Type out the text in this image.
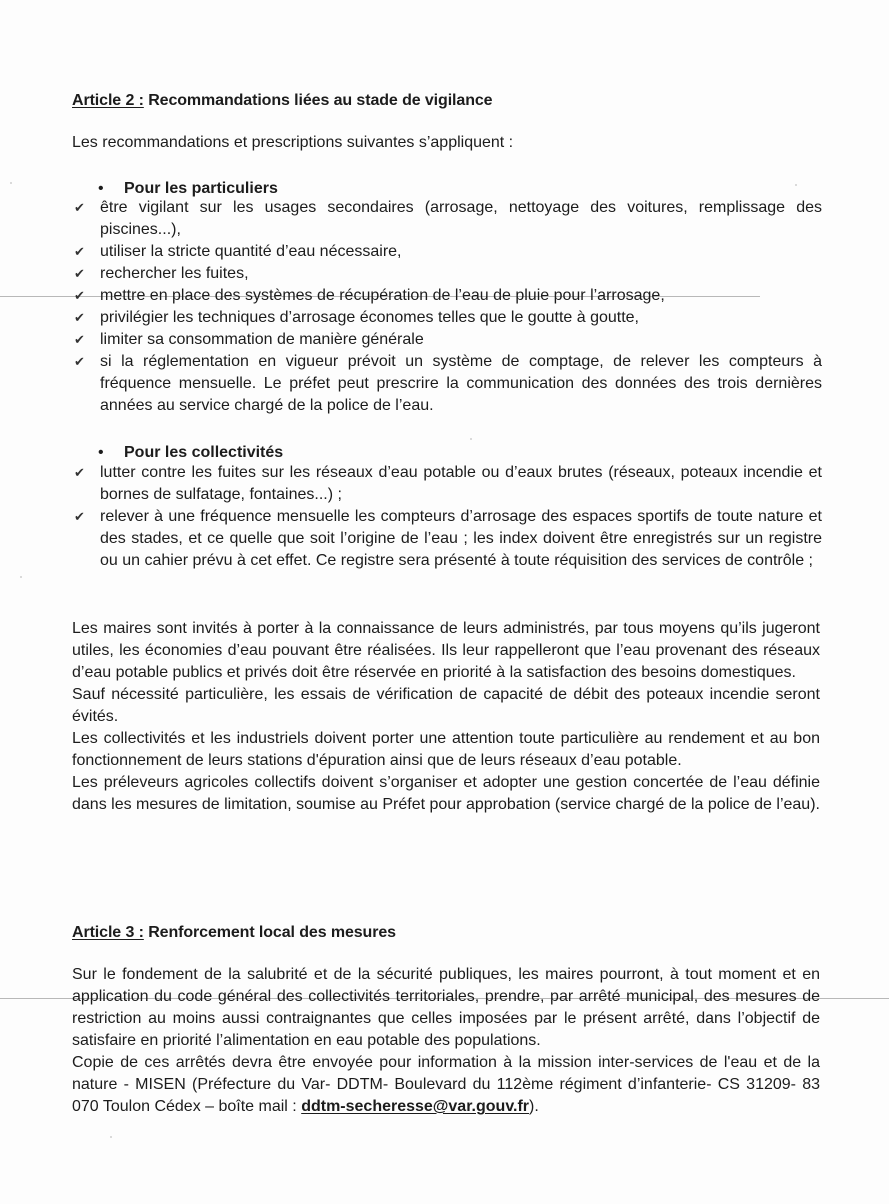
Article 2 : Recommandations liées au stade de vigilance
Les recommandations et prescriptions suivantes s’appliquent :
• Pour les particuliers
✔ être vigilant sur les usages secondaires (arrosage, nettoyage des voitures, remplissage des piscines...),
✔ utiliser la stricte quantité d’eau nécessaire,
✔ rechercher les fuites,
✔ mettre en place des systèmes de récupération de l’eau de pluie pour l’arrosage,
✔ privilégier les techniques d’arrosage économes telles que le goutte à goutte,
✔ limiter sa consommation de manière générale
✔ si la réglementation en vigueur prévoit un système de comptage, de relever les compteurs à fréquence mensuelle. Le préfet peut prescrire la communication des données des trois dernières années au service chargé de la police de l’eau.
• Pour les collectivités
✔ lutter contre les fuites sur les réseaux d’eau potable ou d’eaux brutes (réseaux, poteaux incendie et bornes de sulfatage, fontaines...) ;
✔ relever à une fréquence mensuelle les compteurs d’arrosage des espaces sportifs de toute nature et des stades, et ce quelle que soit l’origine de l’eau ; les index doivent être enregistrés sur un registre ou un cahier prévu à cet effet. Ce registre sera présenté à toute réquisition des services de contrôle ;

Les maires sont invités à porter à la connaissance de leurs administrés, par tous moyens qu’ils jugeront utiles, les économies d’eau pouvant être réalisées. Ils leur rappelleront que l’eau provenant des réseaux d’eau potable publics et privés doit être réservée en priorité à la satisfaction des besoins domestiques.

Sauf nécessité particulière, les essais de vérification de capacité de débit des poteaux incendie seront évités.

Les collectivités et les industriels doivent porter une attention toute particulière au rendement et au bon fonctionnement de leurs stations d'épuration ainsi que de leurs réseaux d’eau potable.

Les préleveurs agricoles collectifs doivent s’organiser et adopter une gestion concertée de l’eau définie dans les mesures de limitation, soumise au Préfet pour approbation (service chargé de la police de l’eau).

Article 3 : Renforcement local des mesures

Sur le fondement de la salubrité et de la sécurité publiques, les maires pourront, à tout moment et en application du code général des collectivités territoriales, prendre, par arrêté municipal, des mesures de restriction au moins aussi contraignantes que celles imposées par le présent arrêté, dans l’objectif de satisfaire en priorité l’alimentation en eau potable des populations.

Copie de ces arrêtés devra être envoyée pour information à la mission inter-services de l'eau et de la nature - MISEN (Préfecture du Var- DDTM- Boulevard du 112ème régiment d’infanterie- CS 31209- 83 070 Toulon Cédex – boîte mail : ddtm-secheresse@var.gouv.fr).
